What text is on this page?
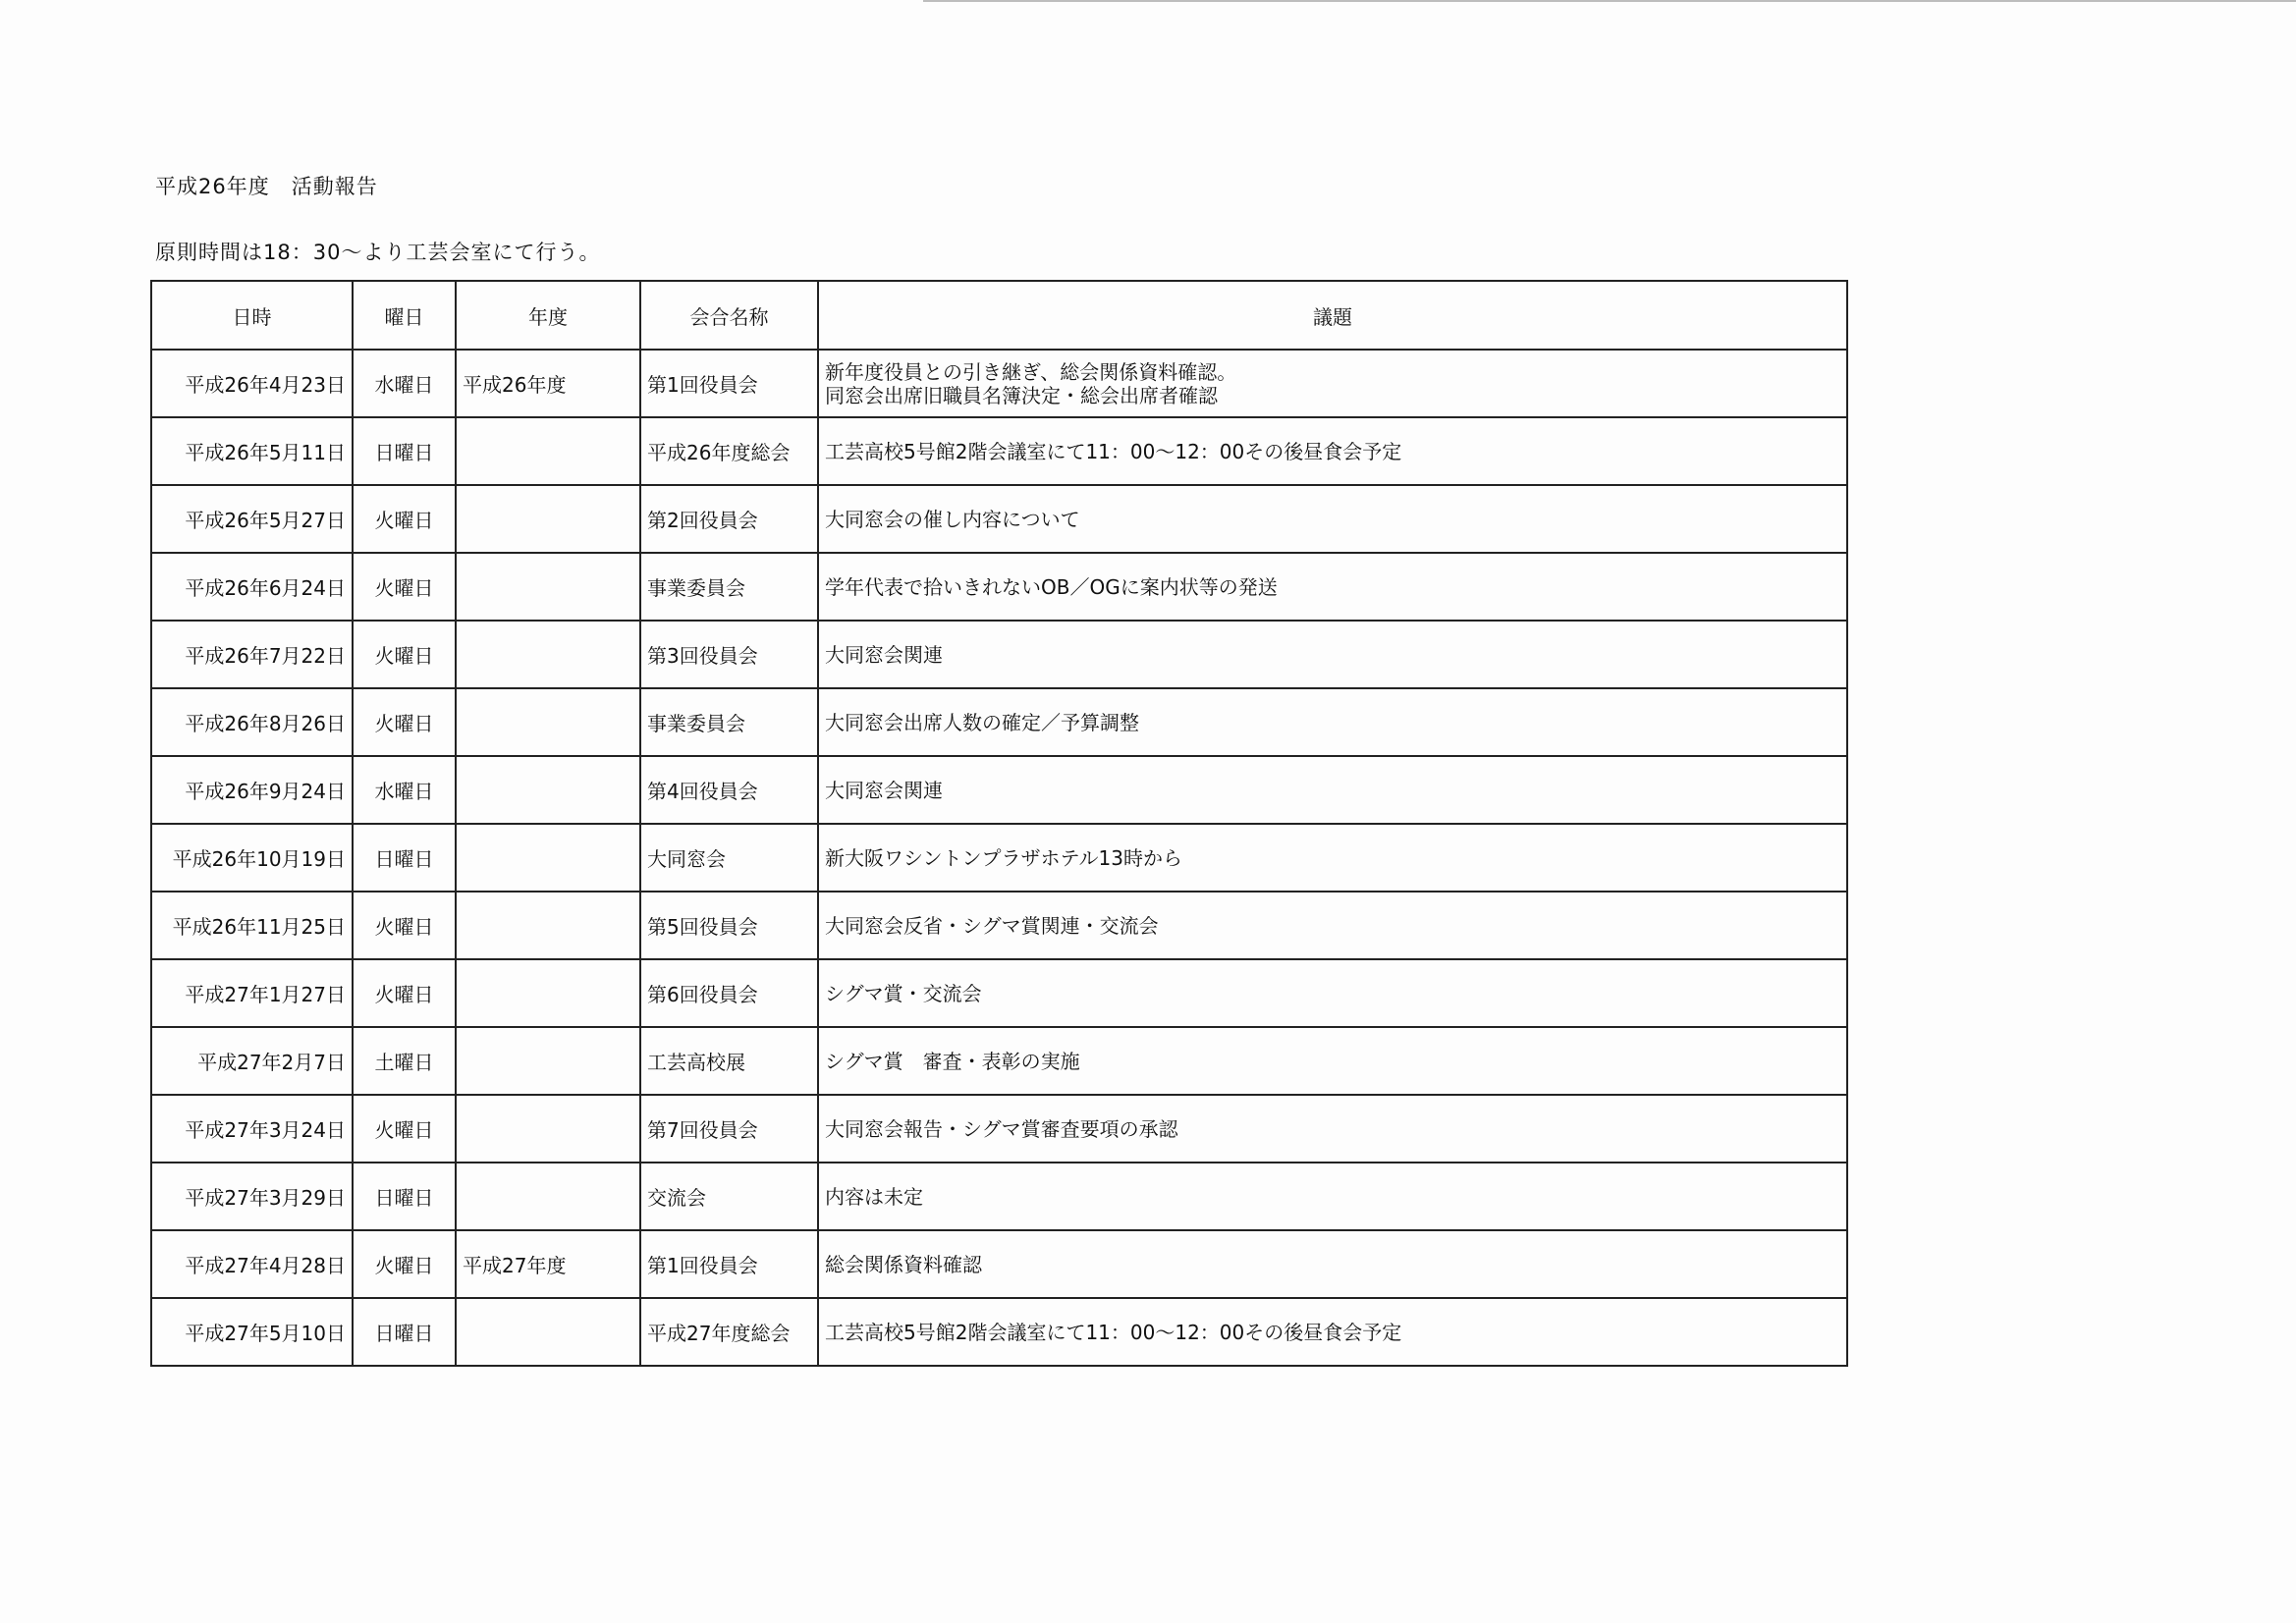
平成26年度　活動報告
原則時間は18：30～より工芸会室にて行う。
日時	曜日	年度	会合名称	議題
平成26年4月23日	水曜日	平成26年度	第1回役員会	新年度役員との引き継ぎ、総会関係資料確認。
同窓会出席旧職員名簿決定・総会出席者確認

平成26年5月11日	日曜日		平成26年度総会	工芸高校5号館2階会議室にて11：00～12：00その後昼食会予定

平成26年5月27日	火曜日		第2回役員会	大同窓会の催し内容について

平成26年6月24日	火曜日		事業委員会	学年代表で拾いきれないOB／OGに案内状等の発送

平成26年7月22日	火曜日		第3回役員会	大同窓会関連

平成26年8月26日	火曜日		事業委員会	大同窓会出席人数の確定／予算調整

平成26年9月24日	水曜日		第4回役員会	大同窓会関連

平成26年10月19日	日曜日		大同窓会	新大阪ワシントンプラザホテル13時から

平成26年11月25日	火曜日		第5回役員会	大同窓会反省・シグマ賞関連・交流会

平成27年1月27日	火曜日		第6回役員会	シグマ賞・交流会

平成27年2月7日	土曜日		工芸高校展	シグマ賞　審査・表彰の実施

平成27年3月24日	火曜日		第7回役員会	大同窓会報告・シグマ賞審査要項の承認

平成27年3月29日	日曜日		交流会	内容は未定

平成27年4月28日	火曜日	平成27年度	第1回役員会	総会関係資料確認

平成27年5月10日	日曜日		平成27年度総会	工芸高校5号館2階会議室にて11：00～12：00その後昼食会予定
